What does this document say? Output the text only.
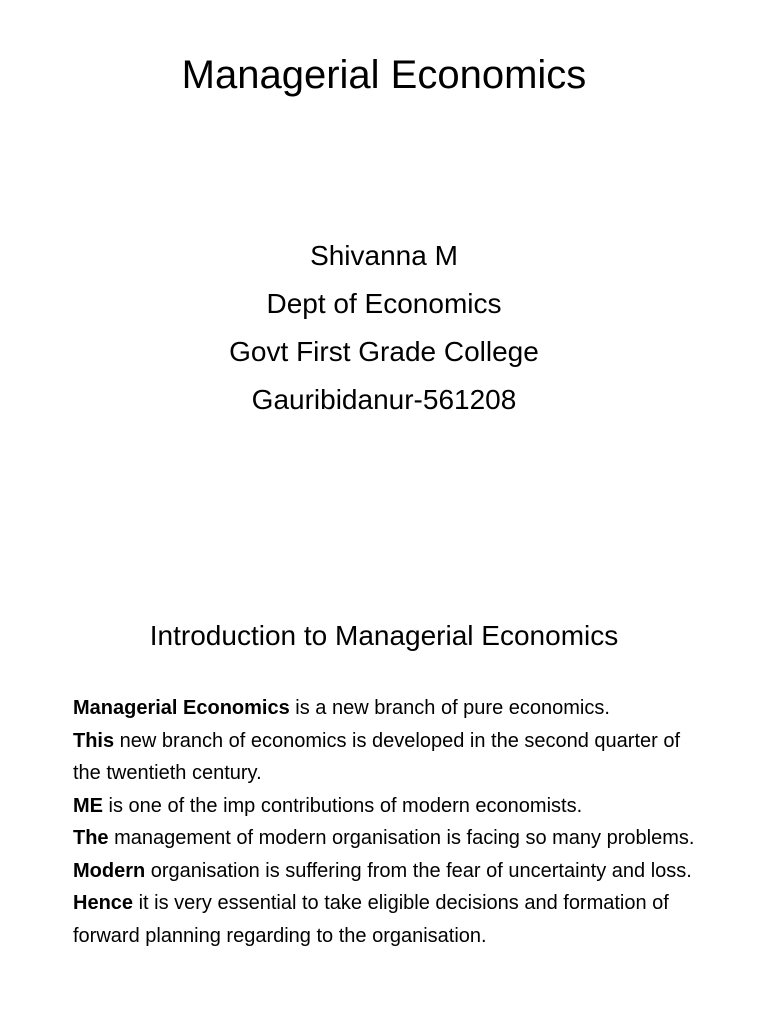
Managerial Economics
Shivanna M
Dept of Economics
Govt First Grade College
Gauribidanur-561208
Introduction to Managerial Economics

Managerial Economics is a new branch of pure economics.

This new branch of economics is developed in the second quarter of the twentieth century.

ME is one of the imp contributions of modern economists.

The management of modern organisation is facing so many problems.

Modern organisation is suffering from the fear of uncertainty and loss.

Hence it is very essential to take eligible decisions and formation of forward planning regarding to the organisation.
